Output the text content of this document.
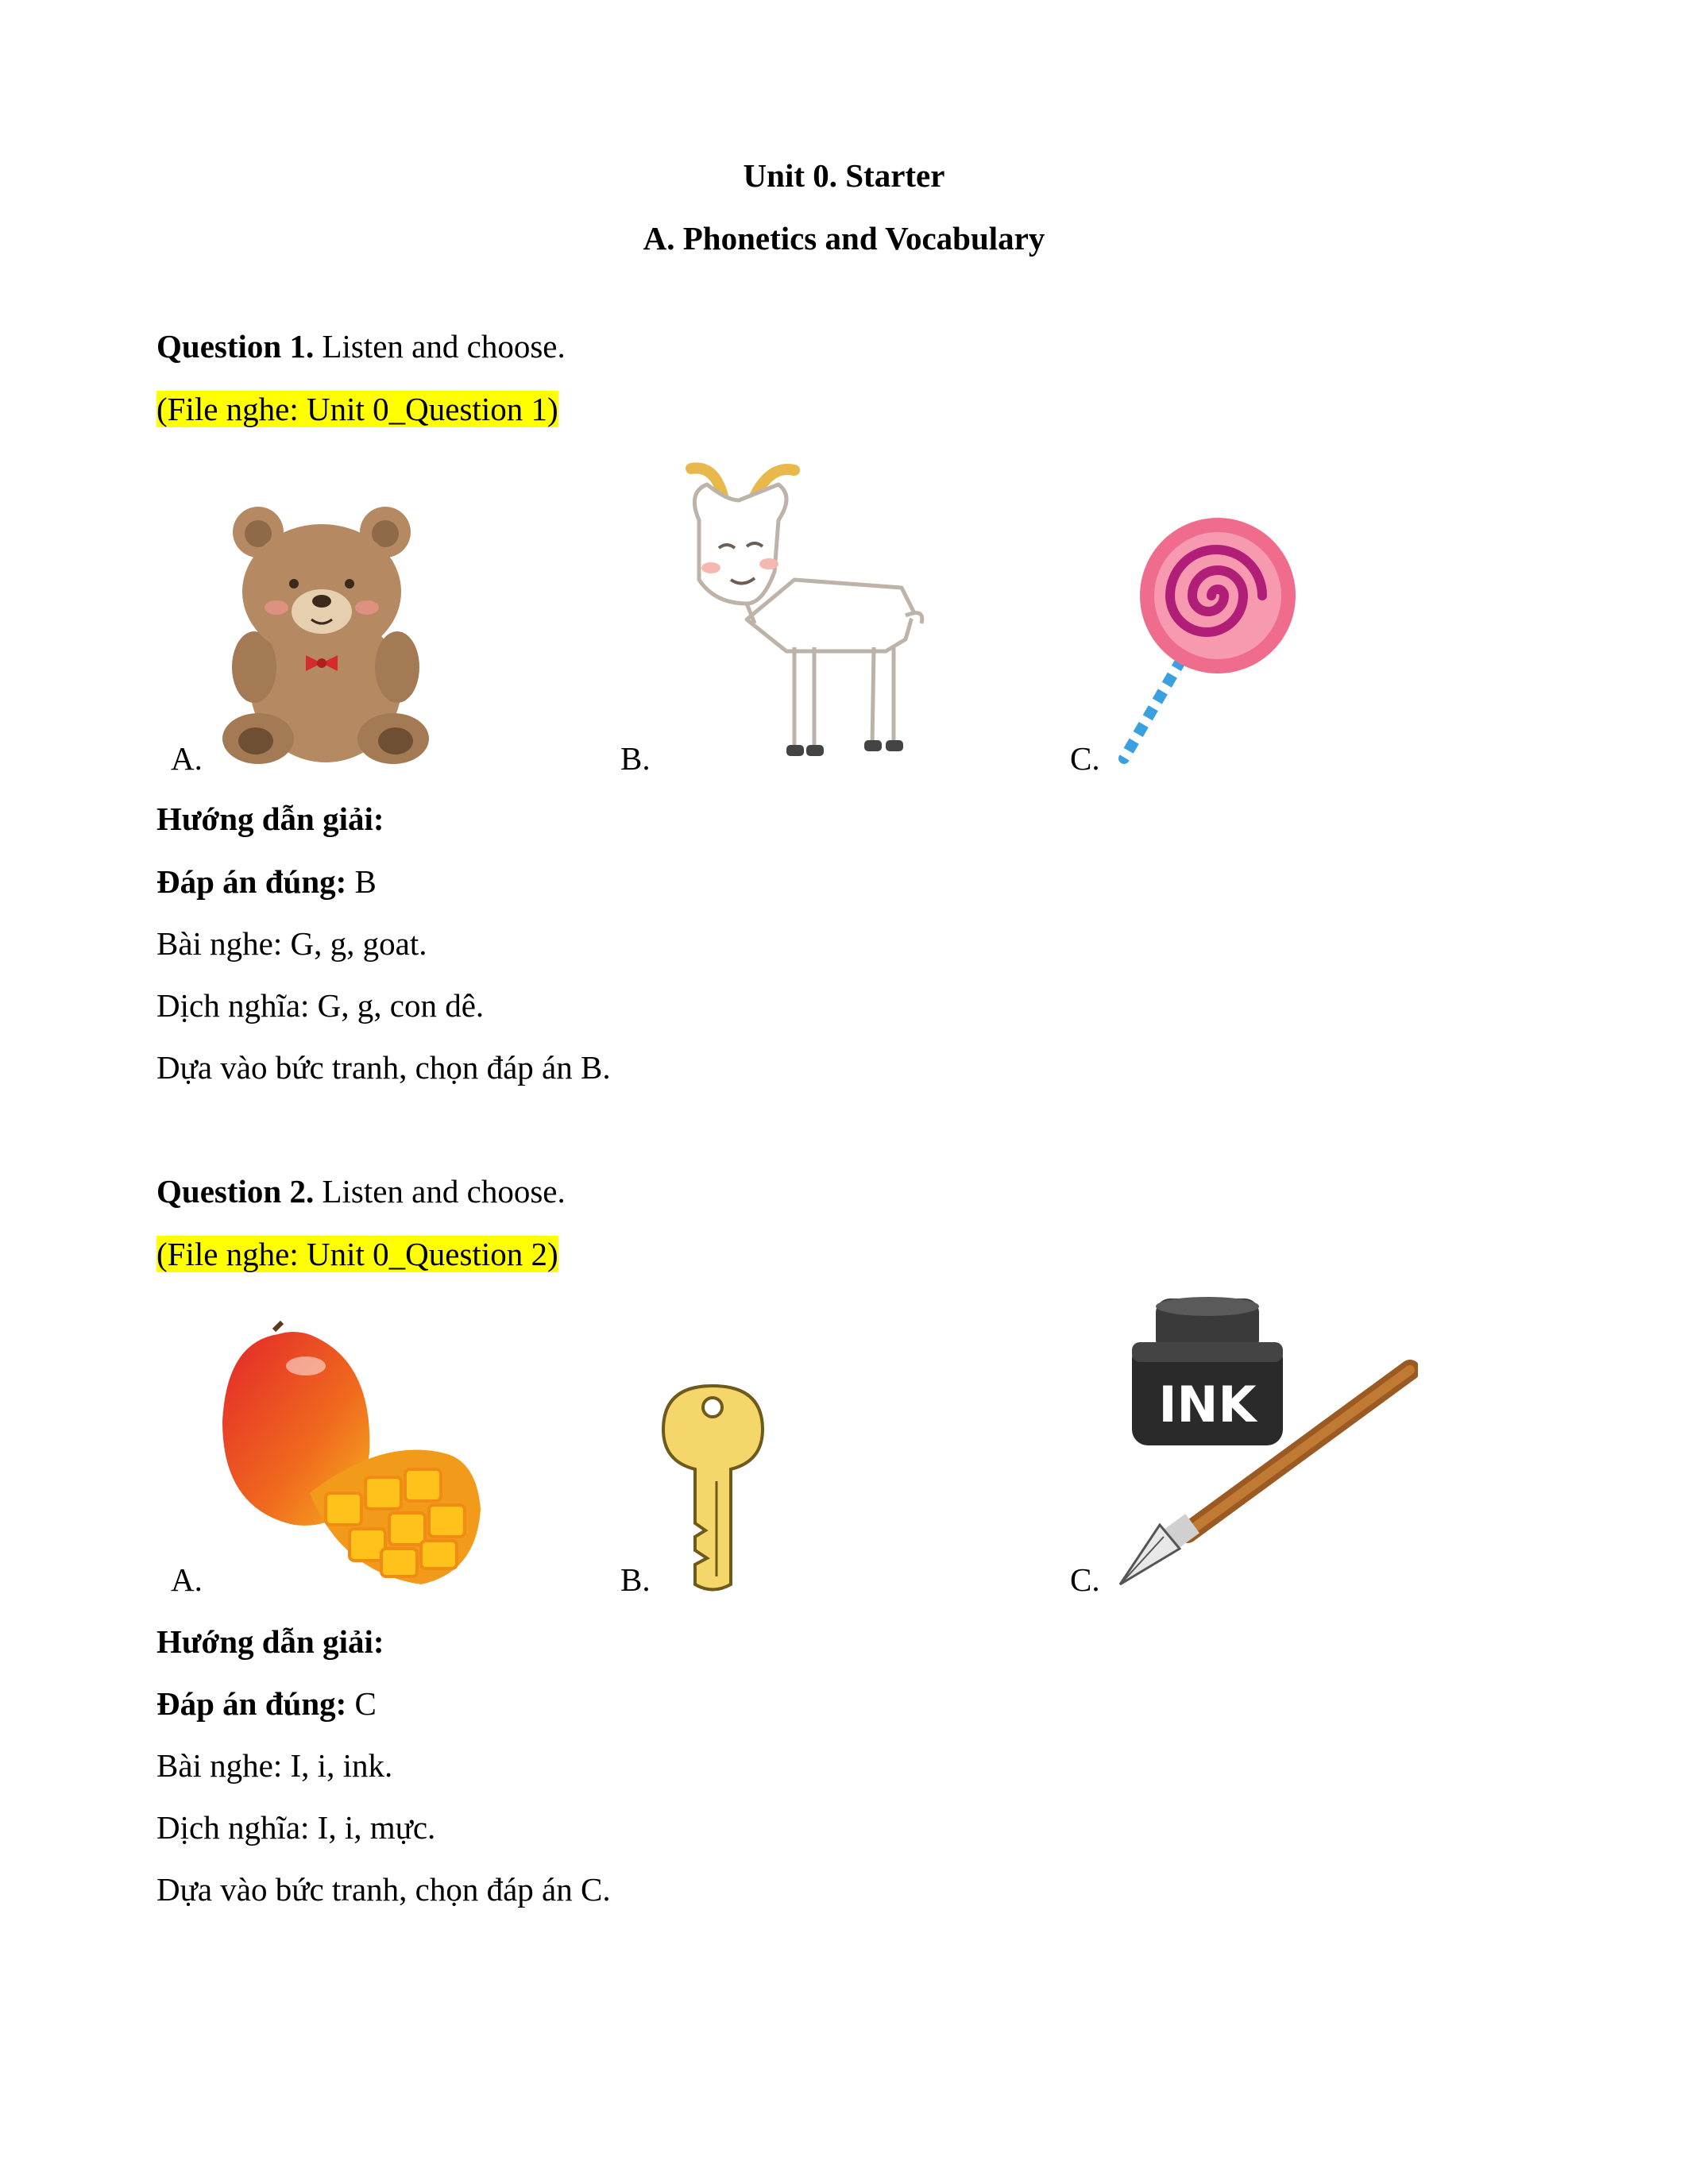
Unit 0. Starter
A. Phonetics and Vocabulary
Question 1. Listen and choose.
(File nghe: Unit 0_Question 1)
A.	B.	C.
Hướng dẫn giải:
Đáp án đúng: B
Bài nghe: G, g, goat.
Dịch nghĩa: G, g, con dê.
Dựa vào bức tranh, chọn đáp án B.
Question 2. Listen and choose.
(File nghe: Unit 0_Question 2)
A.	B.
INK
C.
Hướng dẫn giải:
Đáp án đúng: C
Bài nghe: I, i, ink.
Dịch nghĩa: I, i, mực.
Dựa vào bức tranh, chọn đáp án C.
